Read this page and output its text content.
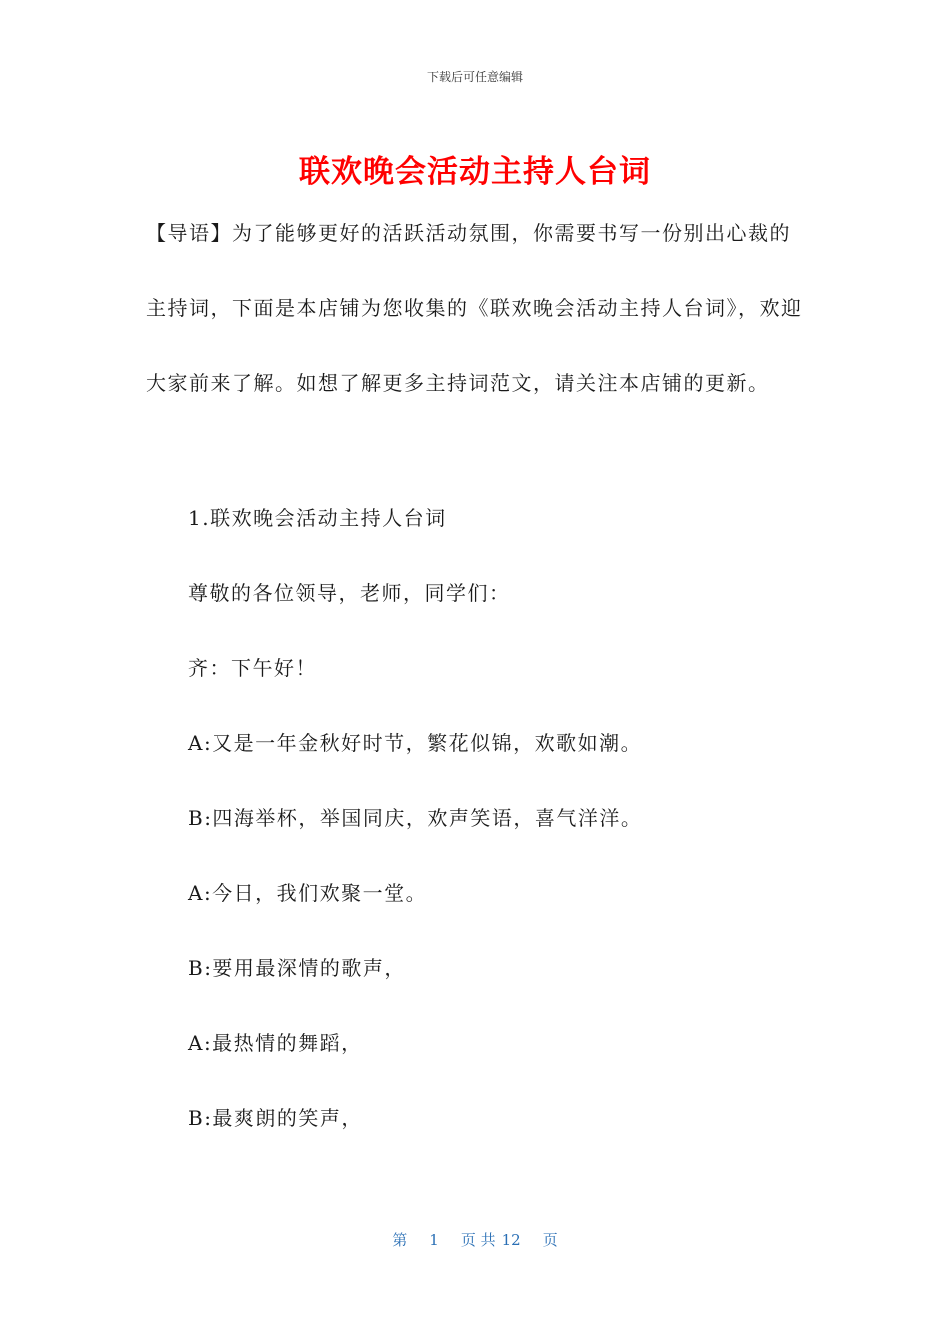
下载后可任意编辑
联欢晚会活动主持人台词
【导语】为了能够更好的活跃活动氛围，你需要书写一份别出心裁的主持词，下面是本店铺为您收集的《联欢晚会活动主持人台词》，欢迎大家前来了解。如想了解更多主持词范文，请关注本店铺的更新。
1.联欢晚会活动主持人台词
尊敬的各位领导，老师，同学们：
齐：下午好！
A:又是一年金秋好时节，繁花似锦，欢歌如潮。
B:四海举杯，举国同庆，欢声笑语，喜气洋洋。
A:今日，我们欢聚一堂。
B:要用最深情的歌声，
A:最热情的舞蹈，
B:最爽朗的笑声，
第 1 页 共 12 页
